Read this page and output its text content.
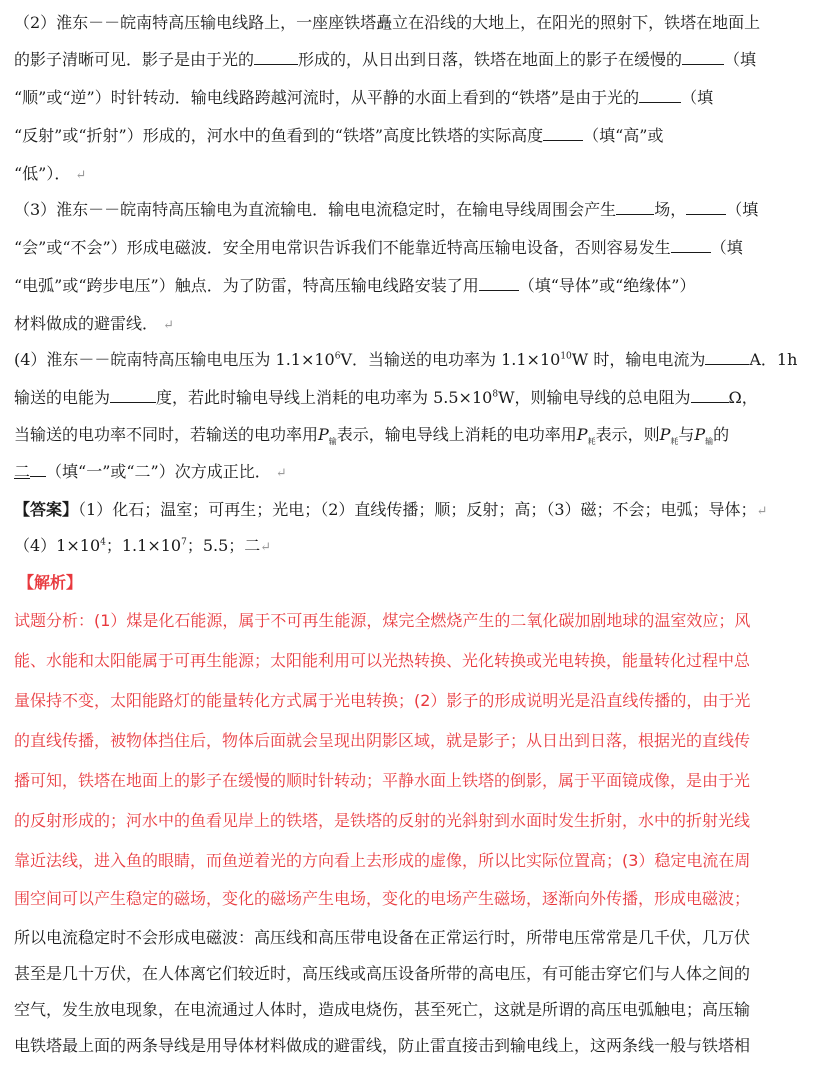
（2）淮东－－皖南特高压输电线路上，一座座铁塔矗立在沿线的大地上，在阳光的照射下，铁塔在地面上
的影子清晰可见．影子是由于光的	形成的，从日出到日落，铁塔在地面上的影子在缓慢的	（填
“顺”或“逆”）时针转动．输电线路跨越河流时，从平静的水面上看到的“铁塔”是由于光的	（填
“反射”或“折射”）形成的，河水中的鱼看到的“铁塔”高度比铁塔的实际高度	（填“高”或
“低”）． ↵
（3）淮东－－皖南特高压输电为直流输电．输电电流稳定时，在输电导线周围会产生 场，	（填
“会”或“不会”）形成电磁波．安全用电常识告诉我们不能靠近特高压输电设备，否则容易发生	（填
“电弧”或“跨步电压”）触点．为了防雷，特高压输电线路安装了用	（填“导体”或“绝缘体”）
材料做成的避雷线． ↵
(4）淮东－－皖南特高压输电电压为 $1.1\times 10^6V$．当输送的电功率为 $1.1\times 10^{10}W$ 时，输电电流为	A．1h
输送的电能为	度，若此时输电导线上消耗的电功率为 $5.5\times 10^8W$，则输电导线的总电阻为 Ω，
当输送的电功率不同时，若输送的电功率用$P_输$表示，输电导线上消耗的电功率用$P_耗$表示，则$P_耗$与$P_输$的
二 （填“一”或“二”）次方成正比． ↵
【答案】（1）化石；温室；可再生；光电；（2）直线传播；顺；反射；高；（3）磁；不会；电弧；导体；↵
$(4)1\times 10^4$；$1.1\times 10^7$；5.5；二↵
【解析】
试题分析：(1）煤是化石能源，属于不可再生能源，煤完全燃烧产生的二氧化碳加剧地球的温室效应；风
能、水能和太阳能属于可再生能源；太阳能利用可以光热转换、光化转换或光电转换，能量转化过程中总
量保持不变，太阳能路灯的能量转化方式属于光电转换；(2）影子的形成说明光是沿直线传播的，由于光
的直线传播，被物体挡住后，物体后面就会呈现出阴影区域，就是影子；从日出到日落，根据光的直线传
播可知，铁塔在地面上的影子在缓慢的顺时针转动；平静水面上铁塔的倒影，属于平面镜成像，是由于光
的反射形成的；河水中的鱼看见岸上的铁塔，是铁塔的反射的光斜射到水面时发生折射，水中的折射光线
靠近法线，进入鱼的眼睛，而鱼逆着光的方向看上去形成的虚像，所以比实际位置高；(3）稳定电流在周
围空间可以产生稳定的磁场，变化的磁场产生电场，变化的电场产生磁场，逐渐向外传播，形成电磁波；
所以电流稳定时不会形成电磁波：高压线和高压带电设备在正常运行时，所带电压常常是几千伏，几万伏
甚至是几十万伏，在人体离它们较近时，高压线或高压设备所带的高电压，有可能击穿它们与人体之间的
空气，发生放电现象，在电流通过人体时，造成电烧伤，甚至死亡，这就是所谓的高压电弧触电；高压输
电铁塔最上面的两条导线是用导体材料做成的避雷线，防止雷直接击到输电线上，这两条线一般与铁塔相
